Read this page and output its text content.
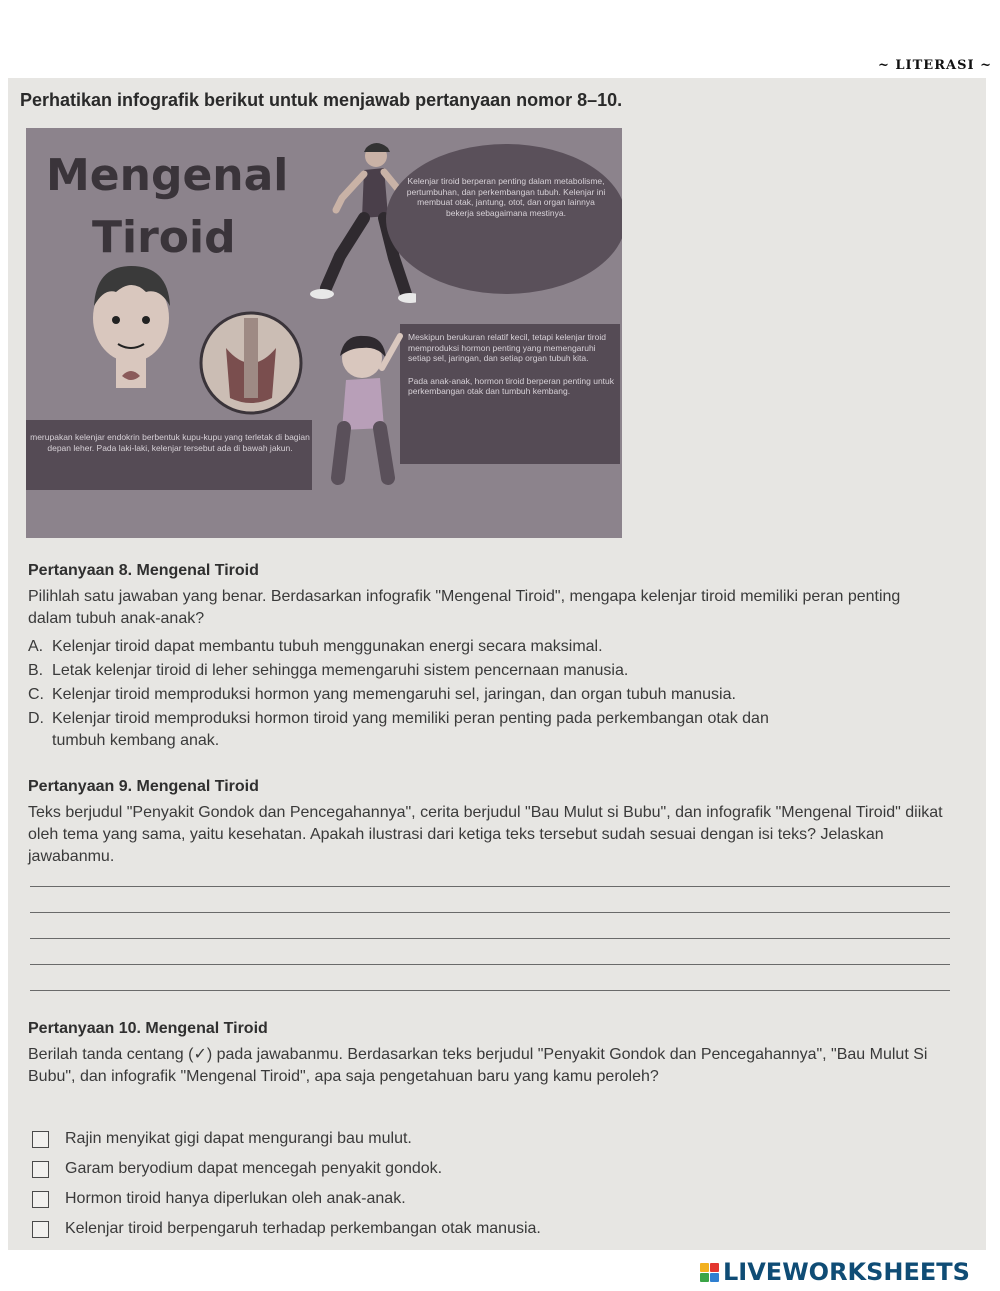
~ LITERASI ~
Perhatikan infografik berikut untuk menjawab pertanyaan nomor 8–10.
Mengenal
Tiroid
Kelenjar tiroid berperan penting dalam metabolisme, pertumbuhan, dan perkembangan tubuh. Kelenjar ini membuat otak, jantung, otot, dan organ lainnya bekerja sebagaimana mestinya.

Meskipun berukuran relatif kecil, tetapi kelenjar tiroid memproduksi hormon penting yang memengaruhi setiap sel, jaringan, dan setiap organ tubuh kita.

Pada anak-anak, hormon tiroid berperan penting untuk perkembangan otak dan tumbuh kembang.

merupakan kelenjar endokrin berbentuk kupu-kupu yang terletak di bagian depan leher. Pada laki-laki, kelenjar tersebut ada di bawah jakun.
Pertanyaan 8. Mengenal Tiroid
Pilihlah satu jawaban yang benar. Berdasarkan infografik "Mengenal Tiroid", mengapa kelenjar tiroid memiliki peran penting dalam tubuh anak-anak?
A. Kelenjar tiroid dapat membantu tubuh menggunakan energi secara maksimal.
B. Letak kelenjar tiroid di leher sehingga memengaruhi sistem pencernaan manusia.
C. Kelenjar tiroid memproduksi hormon yang memengaruhi sel, jaringan, dan organ tubuh manusia.
D. Kelenjar tiroid memproduksi hormon tiroid yang memiliki peran penting pada perkembangan otak dan
tumbuh kembang anak.
Pertanyaan 9. Mengenal Tiroid
Teks berjudul "Penyakit Gondok dan Pencegahannya", cerita berjudul "Bau Mulut si Bubu", dan infografik "Mengenal Tiroid" diikat oleh tema yang sama, yaitu kesehatan. Apakah ilustrasi dari ketiga teks tersebut sudah sesuai dengan isi teks? Jelaskan jawabanmu.
Pertanyaan 10. Mengenal Tiroid
Berilah tanda centang (✓) pada jawabanmu. Berdasarkan teks berjudul "Penyakit Gondok dan Pencegahannya", "Bau Mulut Si Bubu", dan infografik "Mengenal Tiroid", apa saja pengetahuan baru yang kamu peroleh?
Rajin menyikat gigi dapat mengurangi bau mulut.
Garam beryodium dapat mencegah penyakit gondok.
Hormon tiroid hanya diperlukan oleh anak-anak.
Kelenjar tiroid berpengaruh terhadap perkembangan otak manusia.
LIVEWORKSHEETS
